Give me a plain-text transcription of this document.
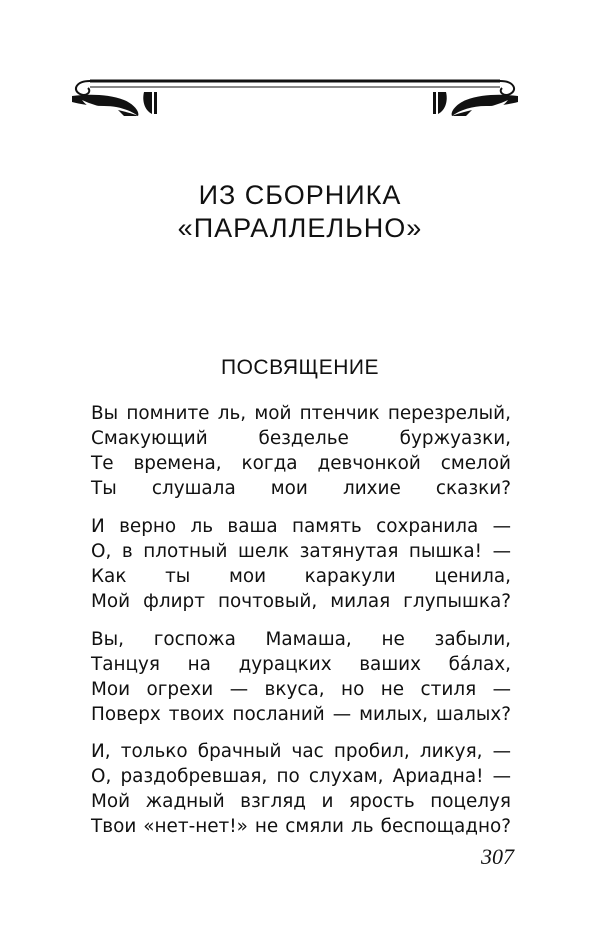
ИЗ СБОРНИКА
«ПАРАЛЛЕЛЬНО»
ПОСВЯЩЕНИЕ
Вы помните ль, мой птенчик перезрелый,
Смакующий безделье буржуазки,
Те времена, когда девчонкой смелой
Ты слушала мои лихие сказки?
И верно ль ваша память сохранила —
О, в плотный шелк затянутая пышка! —
Как ты мои каракули ценила,
Мой флирт почтовый, милая глупышка?
Вы, госпожа Мамаша, не забыли,
Танцуя на дурацких ваших ба́лах,
Мои огрехи — вкуса, но не стиля —
Поверх твоих посланий — милых, шалых?
И, только брачный час пробил, ликуя, —
О, раздобревшая, по слухам, Ариадна! —
Мой жадный взгляд и ярость поцелуя
Твои «нет-нет!» не смяли ль беспощадно?
307
